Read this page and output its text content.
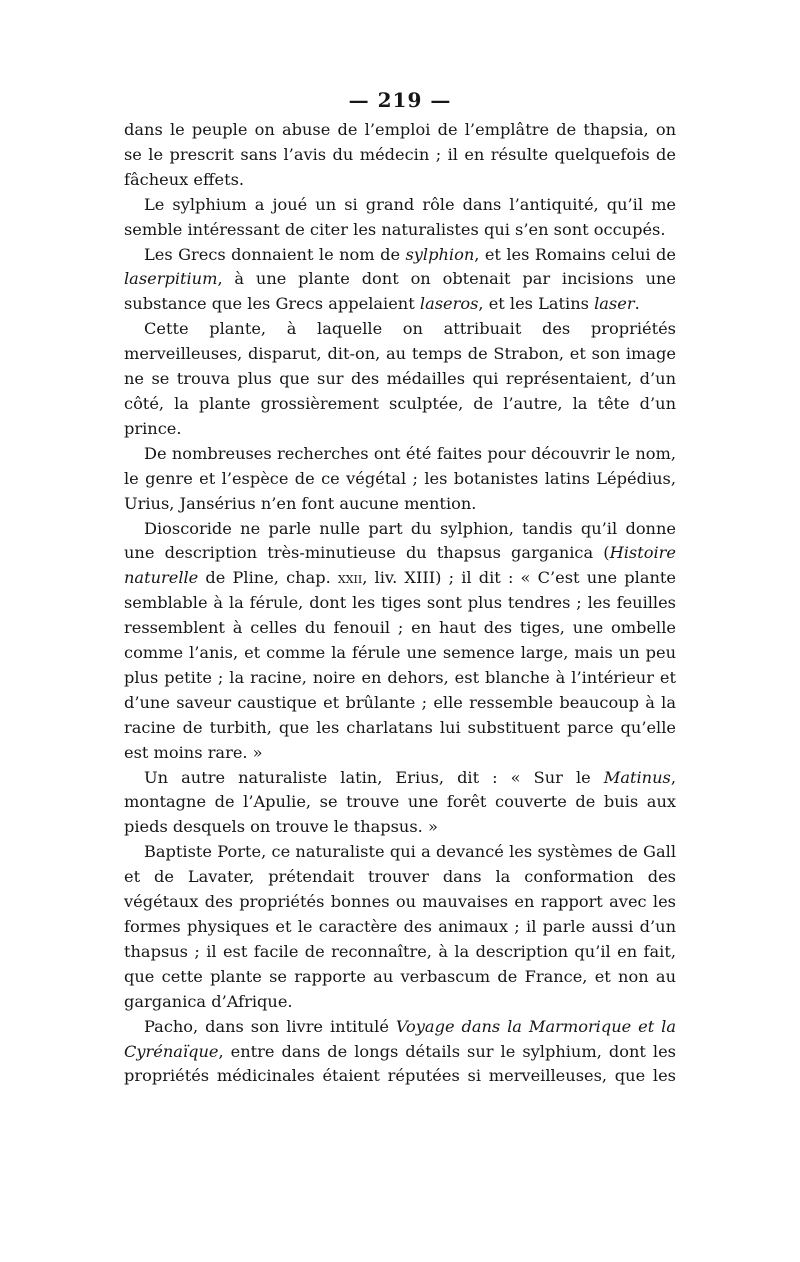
— 219 —

dans le peuple on abuse de l’emploi de l’emplâtre de thapsia, on se le prescrit sans l’avis du médecin ; il en résulte quelquefois de fâcheux effets.

Le sylphium a joué un si grand rôle dans l’antiquité, qu’il me semble intéressant de citer les naturalistes qui s’en sont occupés.

Les Grecs donnaient le nom de sylphion, et les Romains celui de laserpitium, à une plante dont on obtenait par incisions une substance que les Grecs appelaient laseros, et les Latins laser.

Cette plante, à laquelle on attribuait des propriétés merveilleuses, disparut, dit-on, au temps de Strabon, et son image ne se trouva plus que sur des médailles qui représentaient, d’un côté, la plante grossièrement sculptée, de l’autre, la tête d’un prince.

De nombreuses recherches ont été faites pour découvrir le nom, le genre et l’espèce de ce végétal ; les botanistes latins Lépédius, Urius, Jansérius n’en font aucune mention.

Dioscoride ne parle nulle part du sylphion, tandis qu’il donne une description très-minutieuse du thapsus garganica (Histoire naturelle de Pline, chap. xxii, liv. XIII) ; il dit : « C’est une plante semblable à la férule, dont les tiges sont plus tendres ; les feuilles ressemblent à celles du fenouil ; en haut des tiges, une ombelle comme l’anis, et comme la férule une semence large, mais un peu plus petite ; la racine, noire en dehors, est blanche à l’intérieur et d’une saveur caustique et brûlante ; elle ressemble beaucoup à la racine de turbith, que les charlatans lui substituent parce qu’elle est moins rare. »

Un autre naturaliste latin, Erius, dit : « Sur le Matinus, montagne de l’Apulie, se trouve une forêt couverte de buis aux pieds desquels on trouve le thapsus. »

Baptiste Porte, ce naturaliste qui a devancé les systèmes de Gall et de Lavater, prétendait trouver dans la conformation des végétaux des propriétés bonnes ou mauvaises en rapport avec les formes physiques et le caractère des animaux ; il parle aussi d’un thapsus ; il est facile de reconnaître, à la description qu’il en fait, que cette plante se rapporte au verbascum de France, et non au garganica d’Afrique.

Pacho, dans son livre intitulé Voyage dans la Marmorique et la Cyrénaïque, entre dans de longs détails sur le sylphium, dont les propriétés médicinales étaient réputées si merveilleuses, que les
